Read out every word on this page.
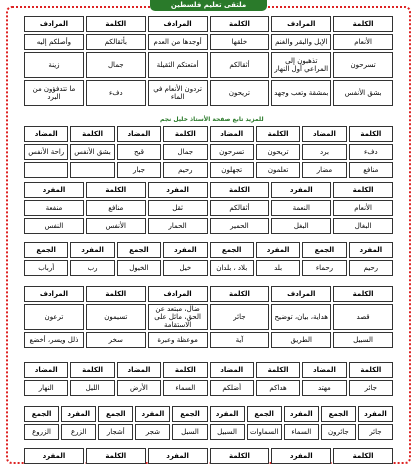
ملتقى تعليم فلسطين
الكلمة	المرادف	الكلمة	المرادف	الكلمة	المرادف
الأنعام	الإبل والبقر والغنم	خلقها	أوجدها من العدم	بأثقالكم	وأصلكم إليه
تسرحون	تذهبون إلى المراعي أول النهار	أثقالكم	أمتعتكم الثقيلة	جمال	زينة
بشق الأنفس	بمشقة وتعب وجهد	تريحون	تردون الأنعام في الماء	دفء	ما تتدفؤون من البرد
للمزيد تابع صفحة الأستاذ خليل نجم
الكلمة	المضاد	الكلمة	المضاد	الكلمة	المضاد	الكلمة	المضاد
دفء	برد	تريحون	تسرحون	جمال	قبح	بشق الأنفس	راحة الأنفس
منافع	مضار	تعلمون	تجهلون	رحيم	جبار		
الكلمة	المفرد	الكلمة	المفرد	الكلمة	المفرد
الأنعام	النعمة	أثقالكم	ثقل	منافع	منفعة
البغال	البغل	الحمير	الحمار	الأنفس	النفس
المفرد	الجمع	المفرد	الجمع	المفرد	الجمع	المفرد	الجمع
رحيم	رحماء	بلد	بلاد ، بلدان	خيل	الخيول	رب	أرباب
الكلمة	المرادف	الكلمة	المرادف	الكلمة	المرادف
قصد	هداية، بيان، توضيح	جائر	ضال، مبتعد عن الحق، مائل على الاستقامة	تسيمون	ترعون
السبيل	الطريق	آية	موعظة وعبرة	سخر	ذلل ويسر، أخضع
الكلمة	المضاد	الكلمة	المضاد	الكلمة	المضاد	الكلمة	المضاد
جائر	مهتد	هداكم	أضلكم	السماء	الأرض	الليل	النهار
المفرد	الجمع	المفرد	الجمع	المفرد	الجمع	المفرد	الجمع	المفرد	الجمع
جائر	جائرون	السماء	السماوات	السبيل	السبل	شجر	أشجار	الزرع	الزروع
الكلمة	المفرد	الكلمة	المفرد	الكلمة	المفرد
